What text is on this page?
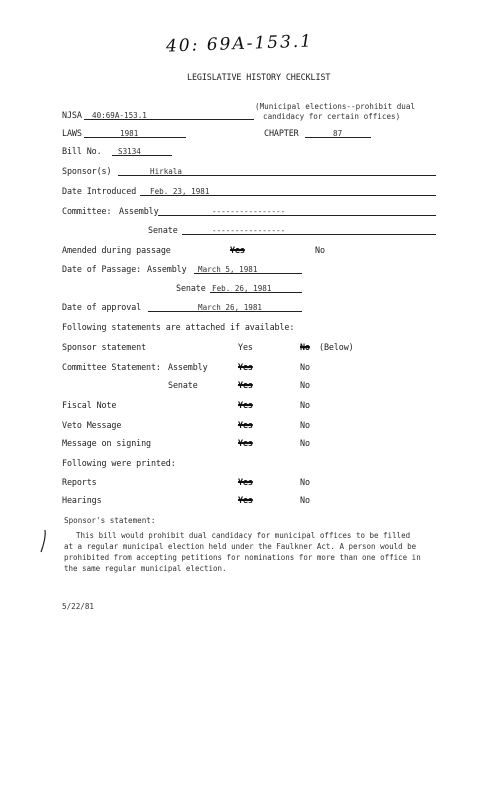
40: 69A-153.1
LEGISLATIVE HISTORY CHECKLIST
NJSA 40:69A-153.1
(Municipal elections--prohibit dual
candidacy for certain offices)
LAWS	1981	CHAPTER	87
Bill No. S3134
Sponsor(s)	Hirkala
Date Introduced Feb. 23, 1981
Committee: Assembly	----------------
Senate	----------------
Amended during passage	Yes	No
Date of Passage: Assembly March 5, 1981
Senate Feb. 26, 1981
Date of approval	March 26, 1981
Following statements are attached if available:
Sponsor statement	Yes	No (Below)
Committee Statement: Assembly	Yes	No
Senate	Yes	No
Fiscal Note	Yes	No
Veto Message	Yes	No
Message on signing	Yes	No
Following were printed:
Reports	Yes	No
Hearings	Yes	No
Sponsor's statement:
This bill would prohibit dual candidacy for municipal offices to be filled
at a regular municipal election held under the Faulkner Act. A person would be
prohibited from accepting petitions for nominations for more than one office in
the same regular municipal election.
5/22/81
